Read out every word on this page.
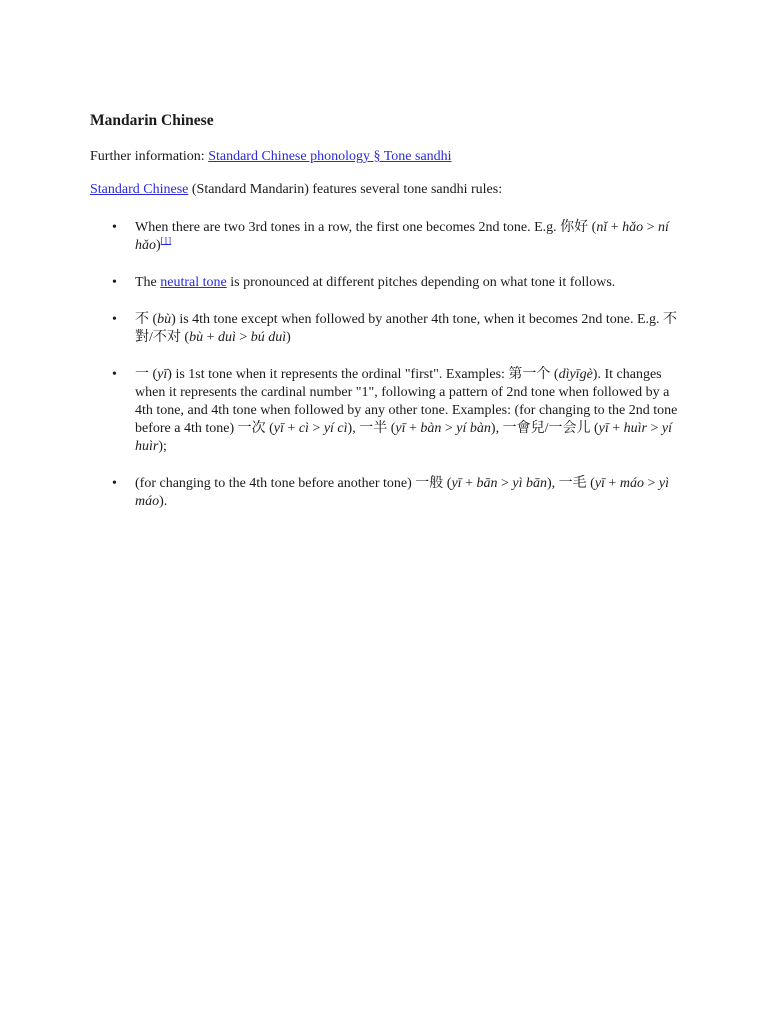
Mandarin Chinese

Further information: Standard Chinese phonology § Tone sandhi

Standard Chinese (Standard Mandarin) features several tone sandhi rules:

• When there are two 3rd tones in a row, the first one becomes 2nd tone. E.g. 你好 (nǐ + hǎo > ní hǎo)[1]
• The neutral tone is pronounced at different pitches depending on what tone it follows.
• 不 (bù) is 4th tone except when followed by another 4th tone, when it becomes 2nd tone. E.g. 不對/不对 (bù + duì > bú duì)
• 一 (yī) is 1st tone when it represents the ordinal "first". Examples: 第一个 (dìyīgè). It changes when it represents the cardinal number "1", following a pattern of 2nd tone when followed by a 4th tone, and 4th tone when followed by any other tone. Examples: (for changing to the 2nd tone before a 4th tone) 一次 (yī + cì > yí cì), 一半 (yī + bàn > yí bàn), 一會兒/一会儿 (yī + huìr > yí huìr);
• (for changing to the 4th tone before another tone) 一般 (yī + bān > yì bān), 一毛 (yī + máo > yì máo).
